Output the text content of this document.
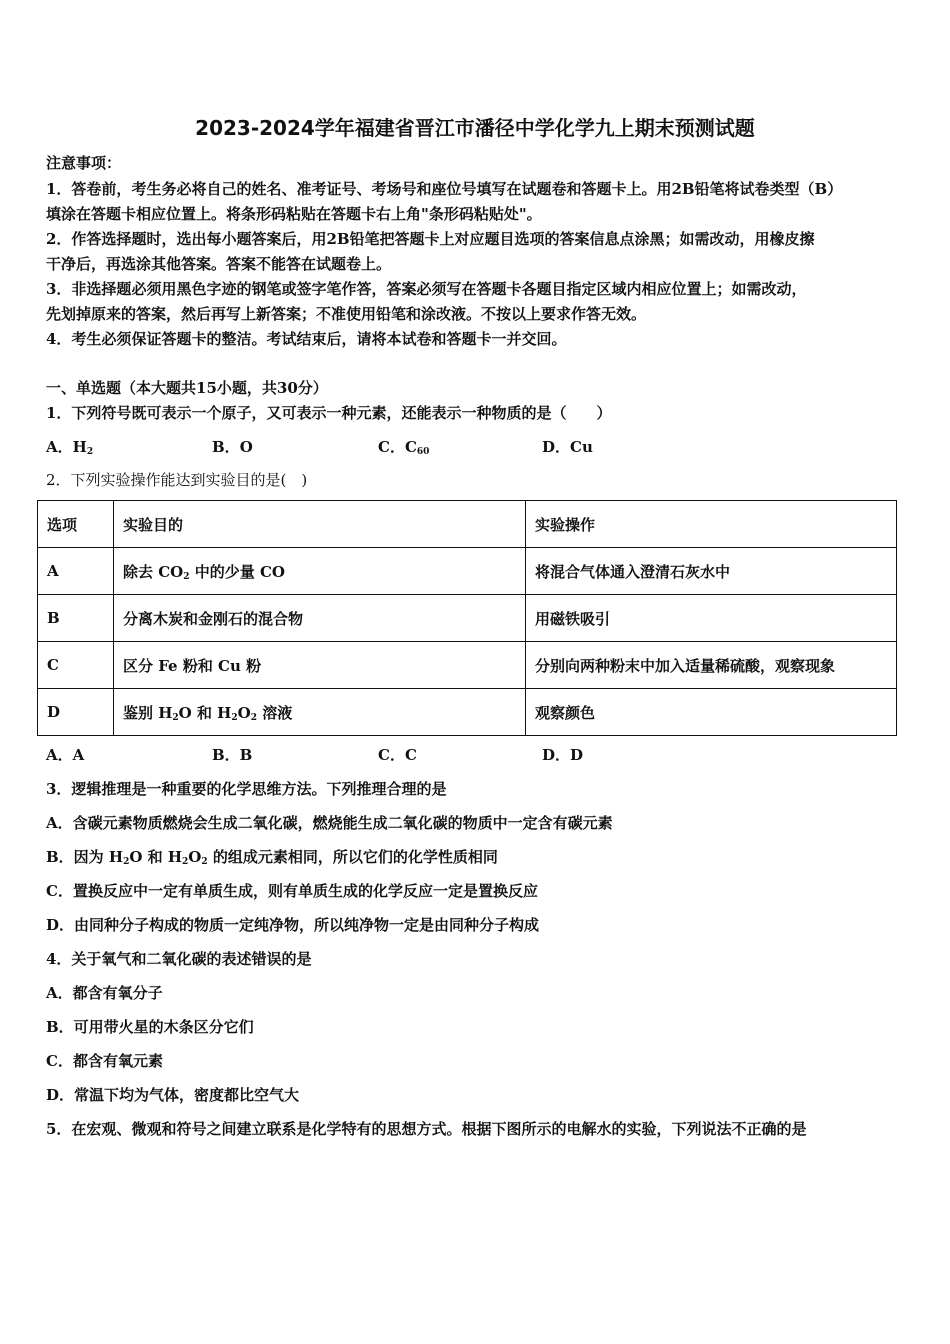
2023-2024学年福建省晋江市潘径中学化学九上期末预测试题
注意事项：
1．答卷前，考生务必将自己的姓名、准考证号、考场号和座位号填写在试题卷和答题卡上。用2B铅笔将试卷类型（B）
填涂在答题卡相应位置上。将条形码粘贴在答题卡右上角"条形码粘贴处"。
2．作答选择题时，选出每小题答案后，用2B铅笔把答题卡上对应题目选项的答案信息点涂黑；如需改动，用橡皮擦
干净后，再选涂其他答案。答案不能答在试题卷上。
3．非选择题必须用黑色字迹的钢笔或签字笔作答，答案必须写在答题卡各题目指定区域内相应位置上；如需改动，
先划掉原来的答案，然后再写上新答案；不准使用铅笔和涂改液。不按以上要求作答无效。
4．考生必须保证答题卡的整洁。考试结束后，请将本试卷和答题卡一并交回。
一、单选题（本大题共15小题，共30分）
1．下列符号既可表示一个原子，又可表示一种元素，还能表示一种物质的是（　　）
A．$H_2$	B．O	C．$C_{60}$	D．Cu
2．下列实验操作能达到实验目的是(　)
选项	实验目的	实验操作
A	除去 $CO_2$ 中的少量 CO	将混合气体通入澄清石灰水中
B	分离木炭和金刚石的混合物	用磁铁吸引
C	区分 Fe 粉和 Cu 粉	分别向两种粉末中加入适量稀硫酸，观察现象
D	鉴别 $H_2O$ 和 $H_2O_2$ 溶液	观察颜色
A．A	B．B	C．C	D．D
3．逻辑推理是一种重要的化学思维方法。下列推理合理的是
A．含碳元素物质燃烧会生成二氧化碳，燃烧能生成二氧化碳的物质中一定含有碳元素
B．因为 $H_2O$ 和 $H_2O_2$ 的组成元素相同，所以它们的化学性质相同
C．置换反应中一定有单质生成，则有单质生成的化学反应一定是置换反应
D．由同种分子构成的物质一定纯净物，所以纯净物一定是由同种分子构成
4．关于氧气和二氧化碳的表述错误的是
A．都含有氧分子
B．可用带火星的木条区分它们
C．都含有氧元素
D．常温下均为气体，密度都比空气大
5．在宏观、微观和符号之间建立联系是化学特有的思想方式。根据下图所示的电解水的实验，下列说法不正确的是
